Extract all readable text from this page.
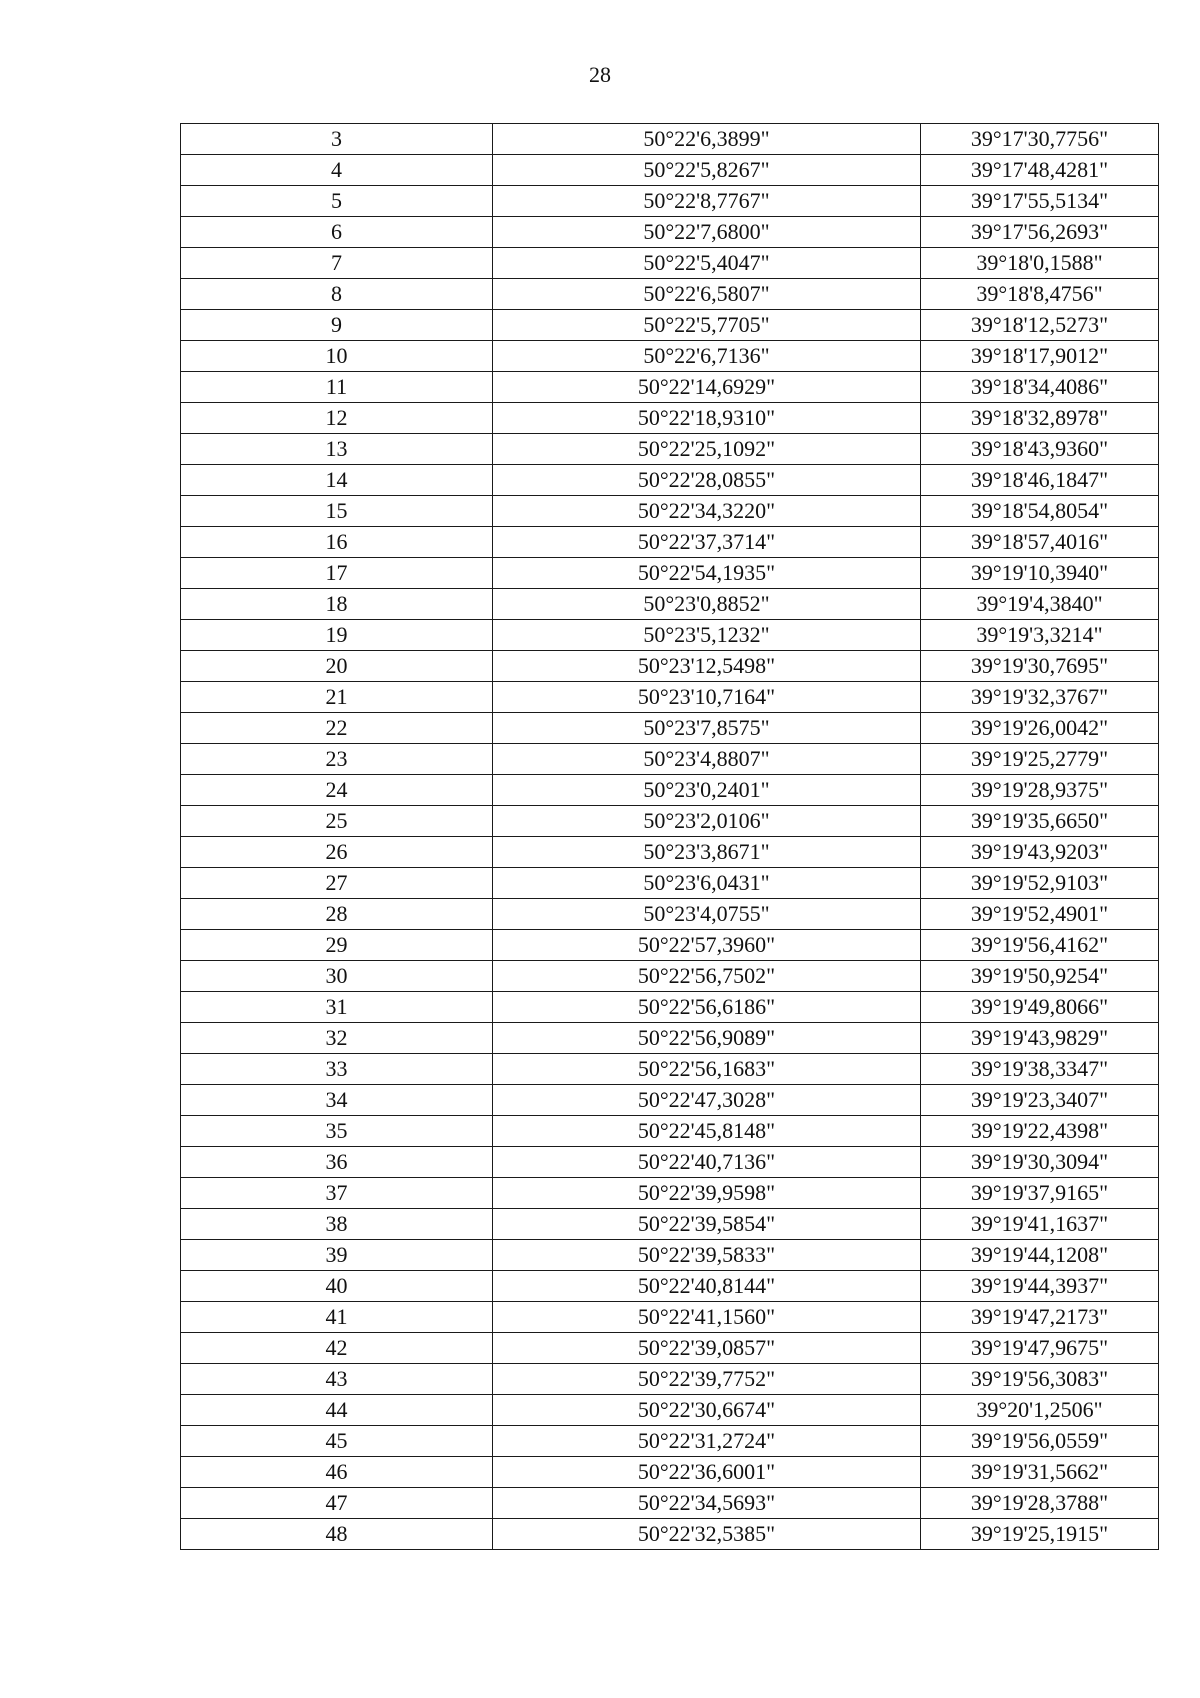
28
3	50°22'6,3899"	39°17'30,7756"
4	50°22'5,8267"	39°17'48,4281"
5	50°22'8,7767"	39°17'55,5134"
6	50°22'7,6800"	39°17'56,2693"
7	50°22'5,4047"	39°18'0,1588"
8	50°22'6,5807"	39°18'8,4756"
9	50°22'5,7705"	39°18'12,5273"
10	50°22'6,7136"	39°18'17,9012"
11	50°22'14,6929"	39°18'34,4086"
12	50°22'18,9310"	39°18'32,8978"
13	50°22'25,1092"	39°18'43,9360"
14	50°22'28,0855"	39°18'46,1847"
15	50°22'34,3220"	39°18'54,8054"
16	50°22'37,3714"	39°18'57,4016"
17	50°22'54,1935"	39°19'10,3940"
18	50°23'0,8852"	39°19'4,3840"
19	50°23'5,1232"	39°19'3,3214"
20	50°23'12,5498"	39°19'30,7695"
21	50°23'10,7164"	39°19'32,3767"
22	50°23'7,8575"	39°19'26,0042"
23	50°23'4,8807"	39°19'25,2779"
24	50°23'0,2401"	39°19'28,9375"
25	50°23'2,0106"	39°19'35,6650"
26	50°23'3,8671"	39°19'43,9203"
27	50°23'6,0431"	39°19'52,9103"
28	50°23'4,0755"	39°19'52,4901"
29	50°22'57,3960"	39°19'56,4162"
30	50°22'56,7502"	39°19'50,9254"
31	50°22'56,6186"	39°19'49,8066"
32	50°22'56,9089"	39°19'43,9829"
33	50°22'56,1683"	39°19'38,3347"
34	50°22'47,3028"	39°19'23,3407"
35	50°22'45,8148"	39°19'22,4398"
36	50°22'40,7136"	39°19'30,3094"
37	50°22'39,9598"	39°19'37,9165"
38	50°22'39,5854"	39°19'41,1637"
39	50°22'39,5833"	39°19'44,1208"
40	50°22'40,8144"	39°19'44,3937"
41	50°22'41,1560"	39°19'47,2173"
42	50°22'39,0857"	39°19'47,9675"
43	50°22'39,7752"	39°19'56,3083"
44	50°22'30,6674"	39°20'1,2506"
45	50°22'31,2724"	39°19'56,0559"
46	50°22'36,6001"	39°19'31,5662"
47	50°22'34,5693"	39°19'28,3788"
48	50°22'32,5385"	39°19'25,1915"
